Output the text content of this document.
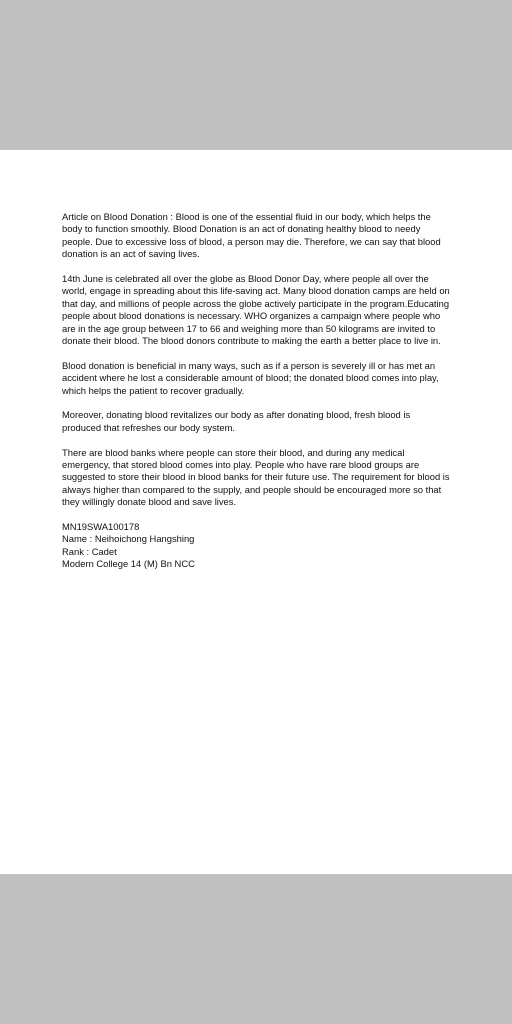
Article on Blood Donation : Blood is one of the essential fluid in our body, which helps the body to function smoothly. Blood Donation is an act of donating healthy blood to needy people. Due to excessive loss of blood, a person may die. Therefore, we can say that blood donation is an act of saving lives.

14th June is celebrated all over the globe as Blood Donor Day, where people all over the world, engage in spreading about this life-saving act. Many blood donation camps are held on that day, and millions of people across the globe actively participate in the program.Educating people about blood donations is necessary. WHO organizes a campaign where people who are in the age group between 17 to 66 and weighing more than 50 kilograms are invited to donate their blood. The blood donors contribute to making the earth a better place to live in.

Blood donation is beneficial in many ways, such as if a person is severely ill or has met an accident where he lost a considerable amount of blood; the donated blood comes into play, which helps the patient to recover gradually.

Moreover, donating blood revitalizes our body as after donating blood, fresh blood is produced that refreshes our body system.

There are blood banks where people can store their blood, and during any medical emergency, that stored blood comes into play. People who have rare blood groups are suggested to store their blood in blood banks for their future use. The requirement for blood is always higher than compared to the supply, and people should be encouraged more so that they willingly donate blood and save lives.

MN19SWA100178
Name : Neihoichong Hangshing
Rank : Cadet
Modern College 14 (M) Bn NCC
